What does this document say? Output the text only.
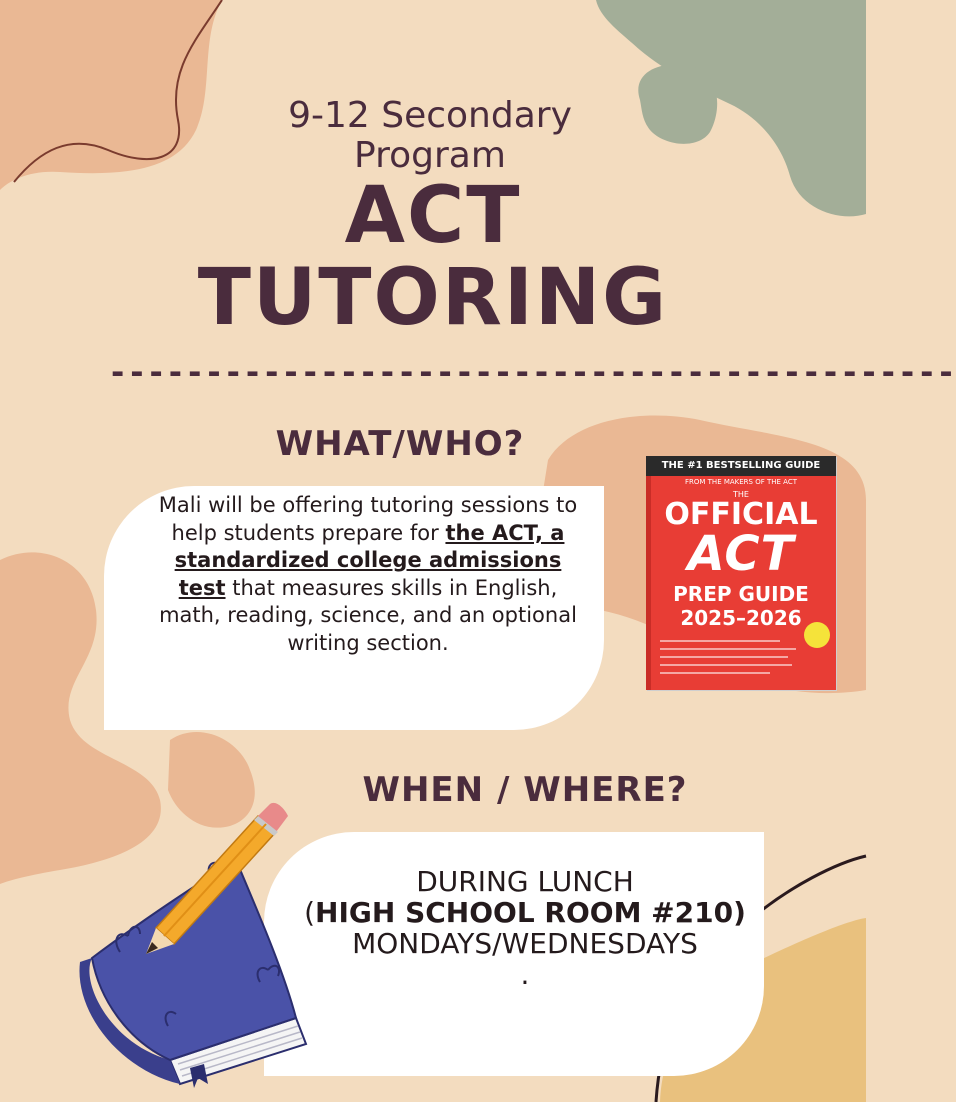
9-12 Secondary
Program
ACT
TUTORING
--------------------------------------------
WHAT/WHO?
Mali will be offering tutoring sessions to help students prepare for the ACT, a standardized college admissions test that measures skills in English, math, reading, science, and an optional writing section.
THE #1 BESTSELLING GUIDE
FROM THE MAKERS OF THE ACT
THE
OFFICIAL
ACT
PREP GUIDE
2025–2026
WHEN / WHERE?
DURING LUNCH
(HIGH SCHOOL ROOM #210)
MONDAYS/WEDNESDAYS
.
